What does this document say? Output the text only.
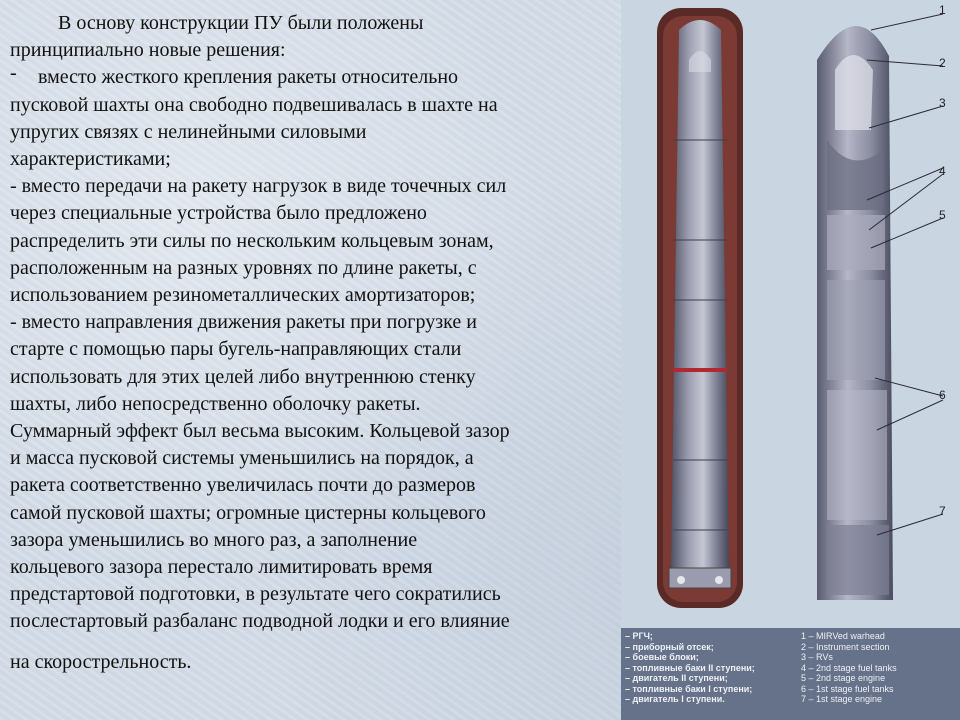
В основу конструкции ПУ были положены
принципиально новые решения:
- вместо жесткого крепления ракеты относительно
пусковой шахты она свободно подвешивалась в шахте на
упругих связях с нелинейными силовыми
характеристиками;
- вместо передачи на ракету нагрузок в виде точечных сил
через специальные устройства было предложено
распределить эти силы по нескольким кольцевым зонам,
расположенным на разных уровнях по длине ракеты, с
использованием резинометаллических амортизаторов;
- вместо направления движения ракеты при погрузке и
старте с помощью пары бугель-направляющих стали
использовать для этих целей либо внутреннюю стенку
шахты, либо непосредственно оболочку ракеты.
Суммарный эффект был весьма высоким. Кольцевой зазор
и масса пусковой системы уменьшились на порядок, а
ракета соответственно увеличилась почти до размеров
самой пусковой шахты; огромные цистерны кольцевого
зазора уменьшились во много раз, а заполнение
кольцевого зазора перестало лимитировать время
предстартовой подготовки, в результате чего сократились
послестартовый разбаланс подводной лодки и его влияние
на скорострельность.
1
2
3
4
5
6
7
– РГЧ;
– приборный отсек;
– боевые блоки;
– топливные баки II ступени;
– двигатель II ступени;
– топливные баки I ступени;
– двигатель I ступени.
1 – MIRVed warhead
2 – Instrument section
3 – RVs
4 – 2nd stage fuel tanks
5 – 2nd stage engine
6 – 1st stage fuel tanks
7 – 1st stage engine
